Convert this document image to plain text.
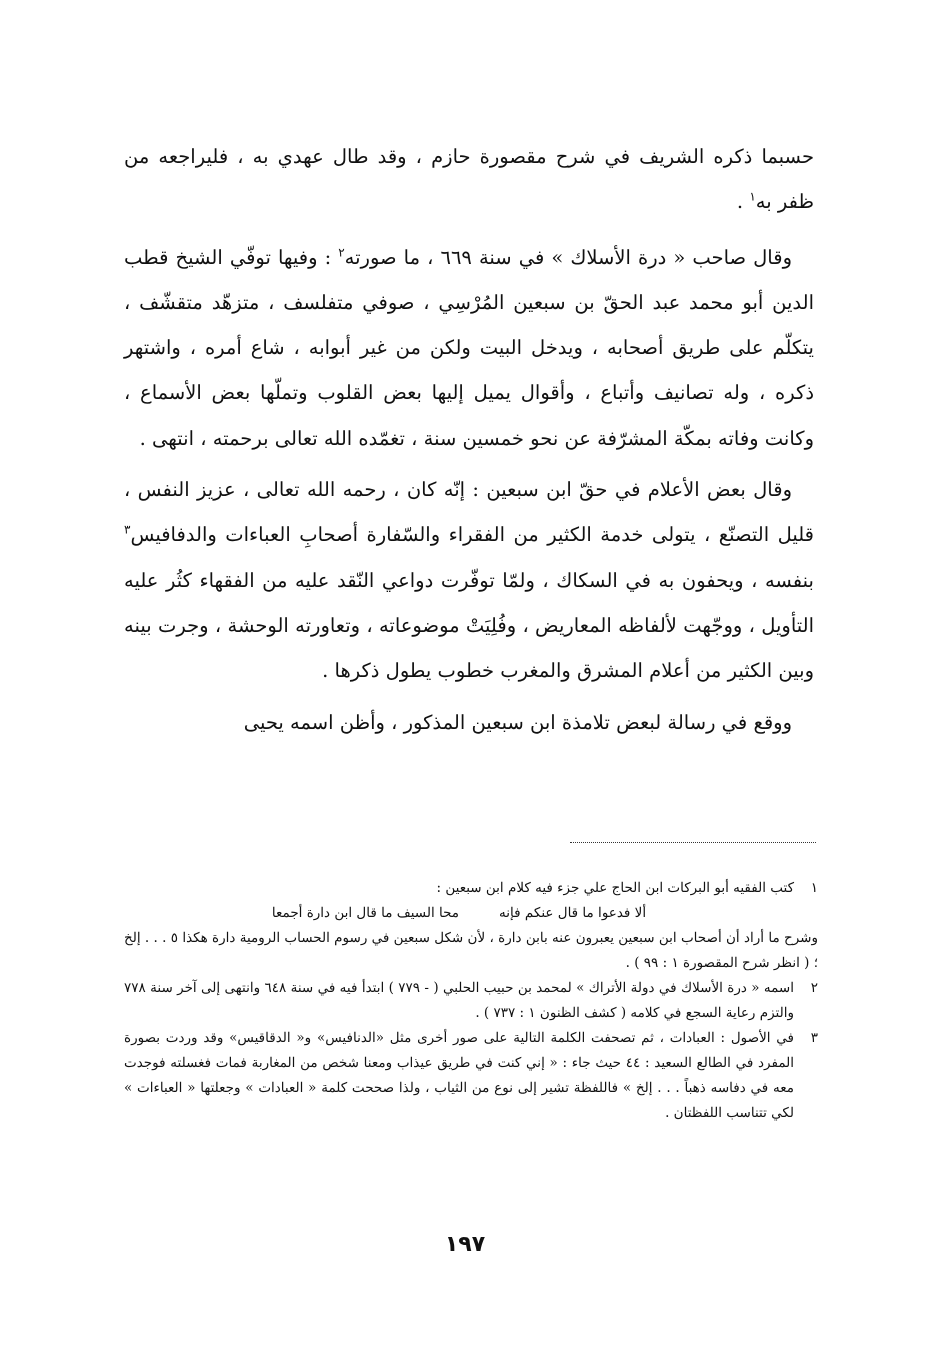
حسبما ذكره الشريف في شرح مقصورة حازم ، وقد طال عهدي به ، فليراجعه من ظفر به$^١$ .

وقال صاحب « درة الأسلاك » في سنة ٦٦٩ ، ما صورته$^٢$ : وفيها توفّي الشيخ قطب الدين أبو محمد عبد الحقّ بن سبعين المُرْسِي ، صوفي متفلسف ، متزهّد متقشّف ، يتكلّم على طريق أصحابه ، ويدخل البيت ولكن من غير أبوابه ، شاع أمره ، واشتهر ذكره ، وله تصانيف وأتباع ، وأقوال يميل إليها بعض القلوب وتملّها بعض الأسماع ، وكانت وفاته بمكّة المشرّفة عن نحو خمسين سنة ، تغمّده الله تعالى برحمته ، انتهى .

وقال بعض الأعلام في حقّ ابن سبعين : إنّه كان ، رحمه الله تعالى ، عزيز النفس ، قليل التصنّع ، يتولى خدمة الكثير من الفقراء والسّفارة أصحابِ العباءات والدفافيس$^٣$ بنفسه ، ويحفون به في السكاك ، ولمّا توفّرت دواعي النّقد عليه من الفقهاء كثُر عليه التأويل ، ووجّهت لألفاظه المعاريض ، وفُلِيَتْ موضوعاته ، وتعاورته الوحشة ، وجرت بينه وبين الكثير من أعلام المشرق والمغرب خطوب يطول ذكرها .

ووقع في رسالة لبعض تلامذة ابن سبعين المذكور ، وأظن اسمه يحيى

١

كتب الفقيه أبو البركات ابن الحاج علي جزء فيه كلام ابن سبعين :

ألا فدعوا ما قال عنكم فإنه
محا السيف ما قال ابن دارة أجمعا

وشرح ما أراد أن أصحاب ابن سبعين يعبرون عنه بابن دارة ، لأن شكل سبعين في رسوم الحساب الرومية دارة هكذا ٥ . . . إلخ ؛ ( انظر شرح المقصورة ١ : ٩٩ ) .

٢

اسمه « درة الأسلاك في دولة الأتراك » لمحمد بن حبيب الحلبي ( - ٧٧٩ ) ابتدأ فيه في سنة ٦٤٨ وانتهى إلى آخر سنة ٧٧٨ والتزم رعاية السجع في كلامه ( كشف الظنون ١ : ٧٣٧ ) .

٣

في الأصول : العبادات ، ثم تصحفت الكلمة التالية على صور أخرى مثل «الدنافيس» و« الدقاقيس» وقد وردت بصورة المفرد في الطالع السعيد : ٤٤ حيث جاء : « إني كنت في طريق عيذاب ومعنا شخص من المغاربة فمات فغسلته فوجدت معه في دفاسه ذهباً . . . إلخ » فاللفظة تشير إلى نوع من الثياب ، ولذا صححت كلمة « العبادات » وجعلتها « العباءات » لكي تتناسب اللفظتان .

١٩٧
